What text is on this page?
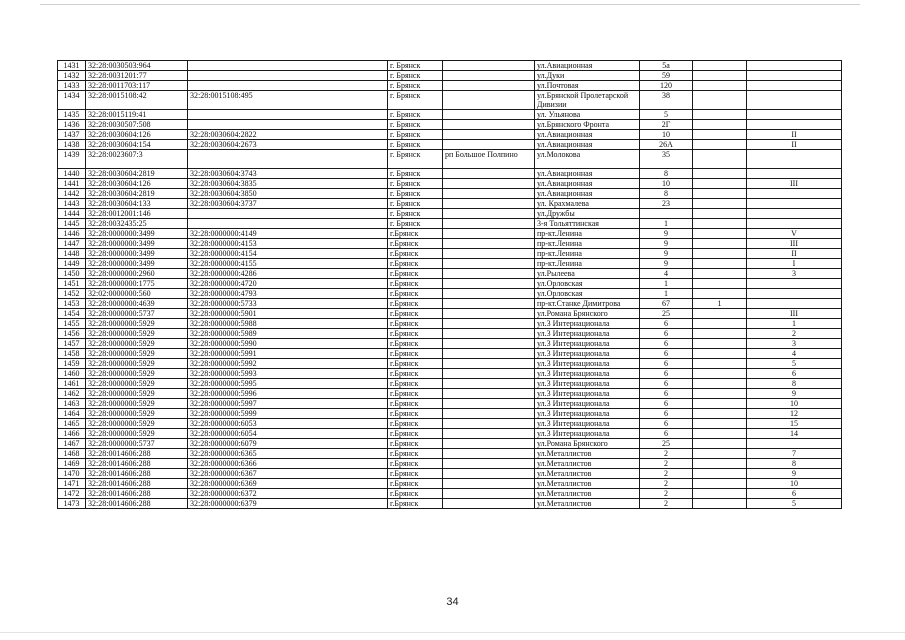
1431	32:28:0030503:964		г. Брянск		ул.Авиационная	5а		
1432	32:28:0031201:77		г. Брянск		ул.Дуки	59		
1433	32:28:0011703:117		г. Брянск		ул.Почтовая	120		
1434	32:28:0015108:42	32:28:0015108:495	г. Брянск		ул.Брянской Пролетарской Дивизии	38		
1435	32:28:0015119:41		г. Брянск		ул. Ульянова	5		
1436	32:28:0030507:508		г. Брянск		ул.Брянского Фронта	2Г		
1437	32:28:0030604:126	32:28:0030604:2822	г. Брянск		ул.Авиационная	10		II
1438	32:28:0030604:154	32:28:0030604:2673	г. Брянск		ул.Авиационная	26А		II
1439	32:28:0023607:3		г. Брянск	рп Большое Полпино	ул.Молокова	35		
1440	32:28:0030604:2819	32:28:0030604:3743	г. Брянск		ул.Авиационная	8		
1441	32:28:0030604:126	32:28:0030604:3835	г. Брянск		ул.Авиационная	10		III
1442	32:28:0030604:2819	32:28:0030604:3850	г. Брянск		ул.Авиационная	8		
1443	32:28:0030604:133	32:28:0030604:3737	г. Брянск		ул. Крахмалева	23		
1444	32:28:0012001:146		г. Брянск		ул.Дружбы			
1445	32:28:0032435:25		г. Брянск		3-я Тольяттинская	1		
1446	32:28:0000000:3499	32:28:0000000:4149	г.Брянск		пр-кт.Ленина	9		V
1447	32:28:0000000:3499	32:28:0000000:4153	г.Брянск		пр-кт.Ленина	9		III
1448	32:28:0000000:3499	32:28:0000000:4154	г.Брянск		пр-кт.Ленина	9		II
1449	32:28:0000000:3499	32:28:0000000:4155	г.Брянск		пр-кт.Ленина	9		I
1450	32:28:0000000:2960	32:28:0000000:4286	г.Брянск		ул.Рылеева	4		3
1451	32:28:0000000:1775	32:28:0000000:4720	г.Брянск		ул.Орловская	1		
1452	32:02:0000000:560	32:28:0000000:4793	г.Брянск		ул.Орловская	1		
1453	32:28:0000000:4639	32:28:0000000:5733	г.Брянск		пр-кт.Станке Димитрова	67	1	
1454	32:28:0000000:5737	32:28:0000000:5901	г.Брянск		ул.Романа Брянского	25		III
1455	32:28:0000000:5929	32:28:0000000:5988	г.Брянск		ул.3 Интернационала	6		1
1456	32:28:0000000:5929	32:28:0000000:5989	г.Брянск		ул.3 Интернационала	6		2
1457	32:28:0000000:5929	32:28:0000000:5990	г.Брянск		ул.3 Интернационала	6		3
1458	32:28:0000000:5929	32:28:0000000:5991	г.Брянск		ул.3 Интернационала	6		4
1459	32:28:0000000:5929	32:28:0000000:5992	г.Брянск		ул.3 Интернационала	6		5
1460	32:28:0000000:5929	32:28:0000000:5993	г.Брянск		ул.3 Интернационала	6		6
1461	32:28:0000000:5929	32:28:0000000:5995	г.Брянск		ул.3 Интернационала	6		8
1462	32:28:0000000:5929	32:28:0000000:5996	г.Брянск		ул.3 Интернационала	6		9
1463	32:28:0000000:5929	32:28:0000000:5997	г.Брянск		ул.3 Интернационала	6		10
1464	32:28:0000000:5929	32:28:0000000:5999	г.Брянск		ул.3 Интернационала	6		12
1465	32:28:0000000:5929	32:28:0000000:6053	г.Брянск		ул.3 Интернационала	6		15
1466	32:28:0000000:5929	32:28:0000000:6054	г.Брянск		ул.3 Интернационала	6		14
1467	32:28:0000000:5737	32:28:0000000:6079	г.Брянск		ул.Романа Брянского	25		
1468	32:28:0014606:288	32:28:0000000:6365	г.Брянск		ул.Металлистов	2		7
1469	32:28:0014606:288	32:28:0000000:6366	г.Брянск		ул.Металлистов	2		8
1470	32:28:0014606:288	32:28:0000000:6367	г.Брянск		ул.Металлистов	2		9
1471	32:28:0014606:288	32:28:0000000:6369	г.Брянск		ул.Металлистов	2		10
1472	32:28:0014606:288	32:28:0000000:6372	г.Брянск		ул.Металлистов	2		6
1473	32:28:0014606:288	32:28:0000000:6379	г.Брянск		ул.Металлистов	2		5
34
